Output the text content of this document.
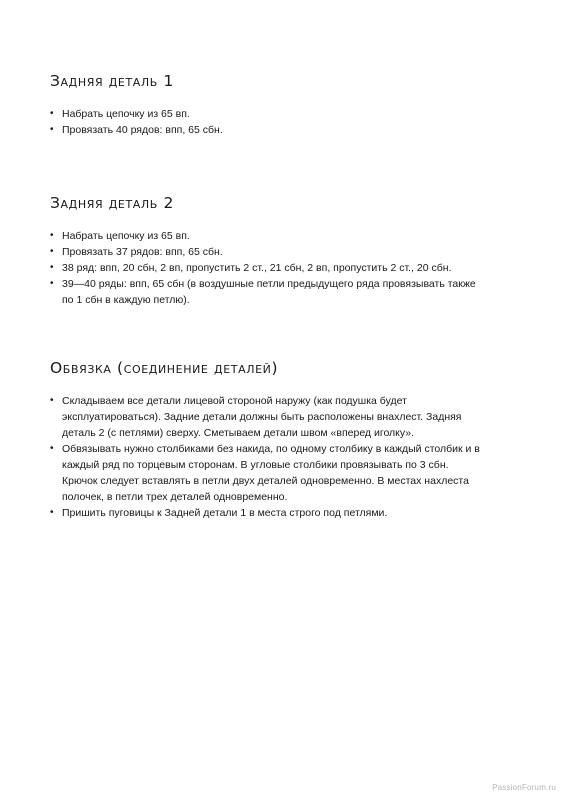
Задняя деталь 1
• Набрать цепочку из 65 вп.
• Провязать 40 рядов: впп, 65 сбн.
Задняя деталь 2
• Набрать цепочку из 65 вп.
• Провязать 37 рядов: впп, 65 сбн.
• 38 ряд: впп, 20 сбн, 2 вп, пропустить 2 ст., 21 сбн, 2 вп, пропустить 2 ст., 20 сбн.
• 39—40 ряды: впп, 65 сбн (в воздушные петли предыдущего ряда провязывать также по 1 сбн в каждую петлю).
Обвязка (соединение деталей)
• Складываем все детали лицевой стороной наружу (как подушка будет эксплуатироваться). Задние детали должны быть расположены внахлест. Задняя деталь 2 (с петлями) сверху. Сметываем детали швом «вперед иголку».
• Обвязывать нужно столбиками без накида, по одному столбику в каждый столбик и в каждый ряд по торцевым сторонам. В угловые столбики провязывать по 3 сбн. Крючок следует вставлять в петли двух деталей одновременно. В местах нахлеста полочек, в петли трех деталей одновременно.
• Пришить пуговицы к Задней детали 1 в места строго под петлями.
PassionForum.ru
